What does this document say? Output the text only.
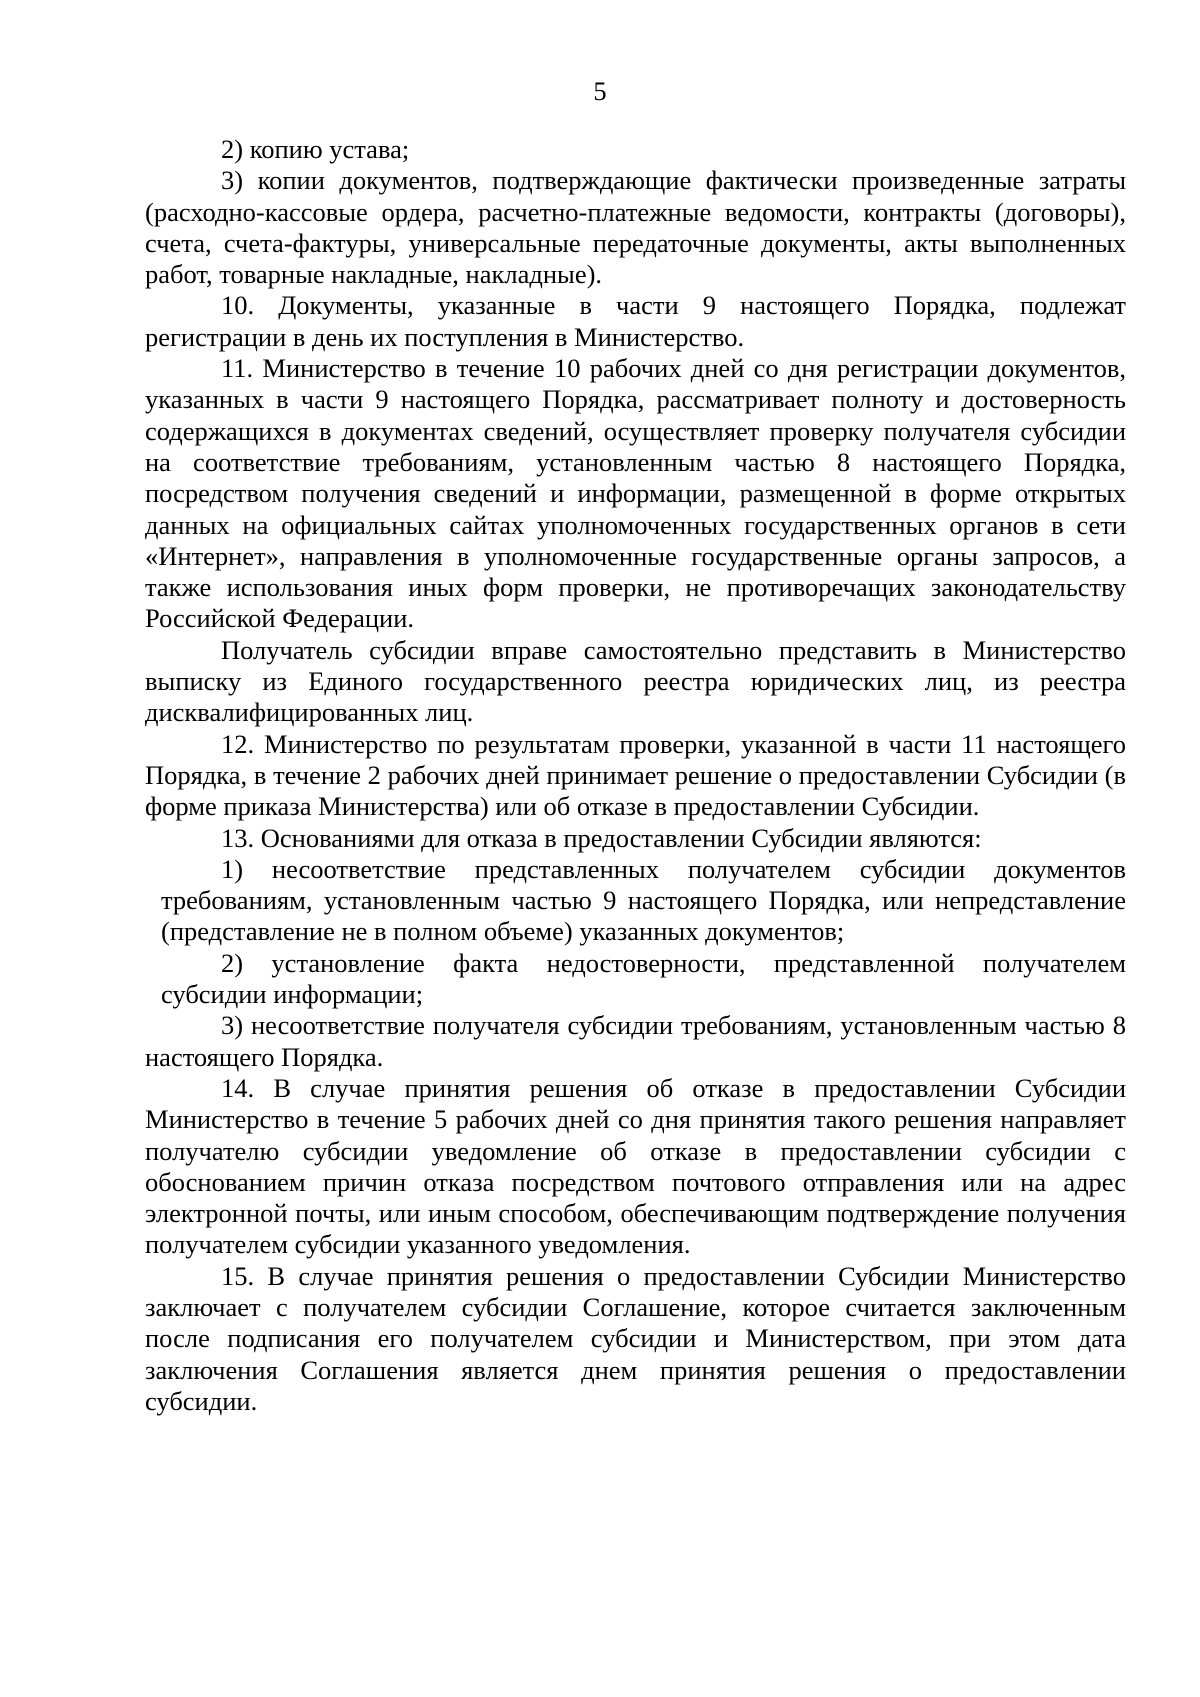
5

2) копию устава;

3) копии документов, подтверждающие фактически произведенные затраты (расходно-кассовые ордера, расчетно-платежные ведомости, контракты (договоры), счета, счета-фактуры, универсальные передаточные документы, акты выполненных работ, товарные накладные, накладные).

10. Документы, указанные в части 9 настоящего Порядка, подлежат регистрации в день их поступления в Министерство.

11. Министерство в течение 10 рабочих дней со дня регистрации документов, указанных в части 9 настоящего Порядка, рассматривает полноту и достоверность содержащихся в документах сведений, осуществляет проверку получателя субсидии на соответствие требованиям, установленным частью 8 настоящего Порядка, посредством получения сведений и информации, размещенной в форме открытых данных на официальных сайтах уполномоченных государственных органов в сети «Интернет», направления в уполномоченные государственные органы запросов, а также использования иных форм проверки, не противоречащих законодательству Российской Федерации.

Получатель субсидии вправе самостоятельно представить в Министерство выписку из Единого государственного реестра юридических лиц, из реестра дисквалифицированных лиц.

12. Министерство по результатам проверки, указанной в части 11 настоящего Порядка, в течение 2 рабочих дней принимает решение о предоставлении Субсидии (в форме приказа Министерства) или об отказе в предоставлении Субсидии.

13. Основаниями для отказа в предоставлении Субсидии являются:

1) несоответствие представленных получателем субсидии документов требованиям, установленным частью 9 настоящего Порядка, или непредставление (представление не в полном объеме) указанных документов;

2) установление факта недостоверности, представленной получателем субсидии информации;

3) несоответствие получателя субсидии требованиям, установленным частью 8 настоящего Порядка.

14. В случае принятия решения об отказе в предоставлении Субсидии Министерство в течение 5 рабочих дней со дня принятия такого решения направляет получателю субсидии уведомление об отказе в предоставлении субсидии с обоснованием причин отказа посредством почтового отправления или на адрес электронной почты, или иным способом, обеспечивающим подтверждение получения получателем субсидии указанного уведомления.

15. В случае принятия решения о предоставлении Субсидии Министерство заключает с получателем субсидии Соглашение, которое считается заключенным после подписания его получателем субсидии и Министерством, при этом дата заключения Соглашения является днем принятия решения о предоставлении субсидии.
